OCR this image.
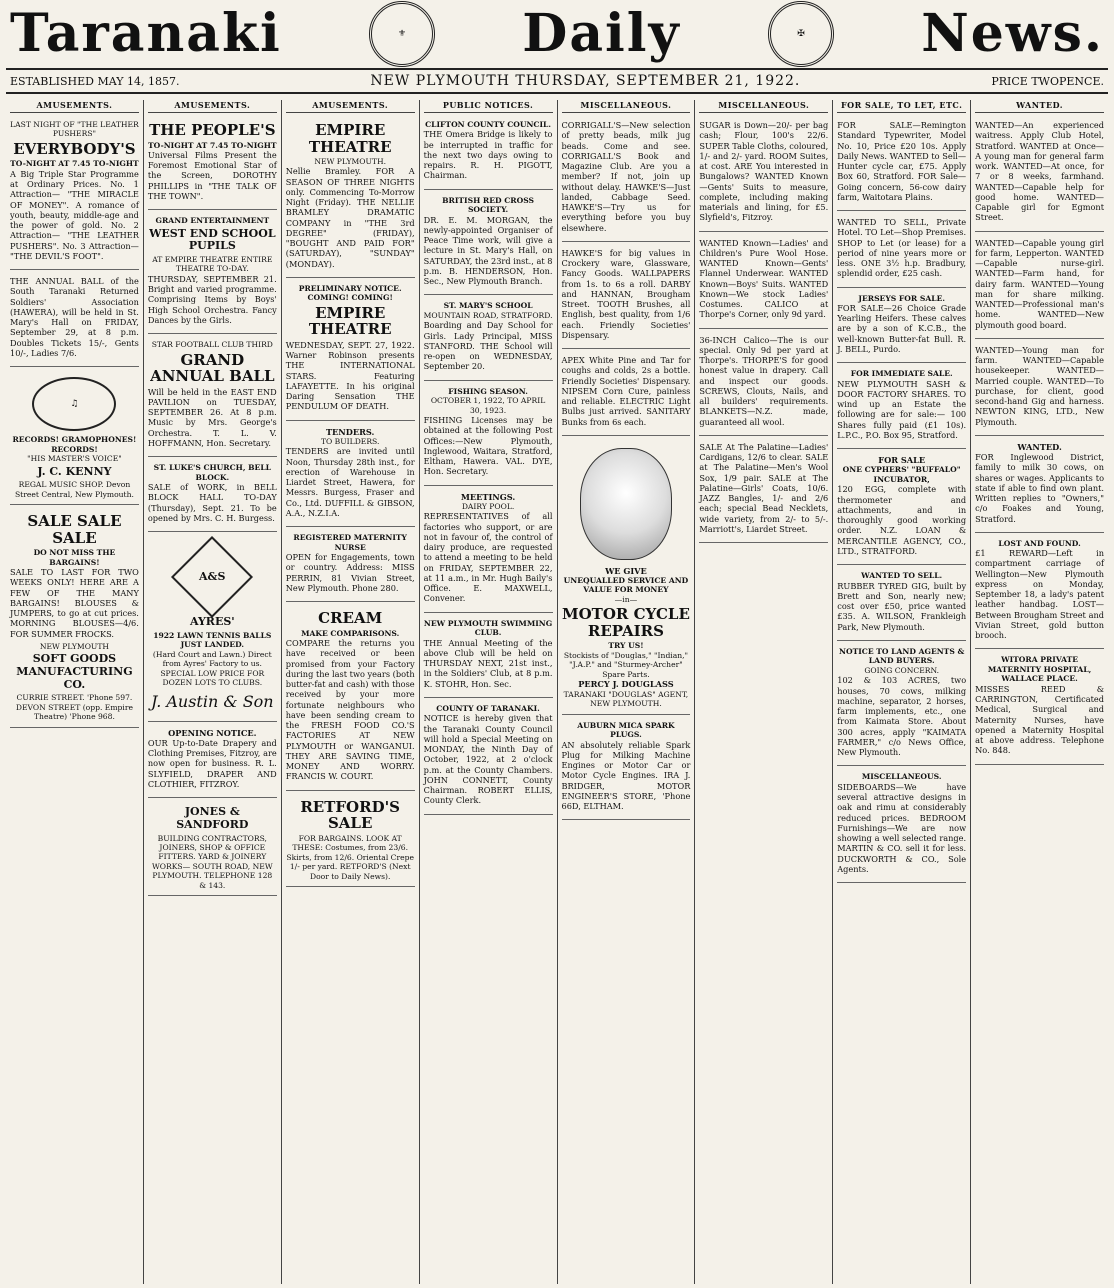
Taranaki	⚜	Daily	✠	News.
ESTABLISHED MAY 14, 1857.	NEW PLYMOUTH THURSDAY, SEPTEMBER 21, 1922.	PRICE TWOPENCE.
AMUSEMENTS.
LAST NIGHT OF "THE LEATHER PUSHERS"
EVERYBODY'S
TO-NIGHT AT 7.45 TO-NIGHT
A Big Triple Star Programme at Ordinary Prices. No. 1 Attraction— "THE MIRACLE OF MONEY". A romance of youth, beauty, middle-age and the power of gold. No. 2 Attraction— "THE LEATHER PUSHERS". No. 3 Attraction— "THE DEVIL'S FOOT".
THE ANNUAL BALL of the South Taranaki Returned Soldiers' Association (HAWERA), will be held in St. Mary's Hall on FRIDAY, September 29, at 8 p.m. Doubles Tickets 15/-, Gents 10/-, Ladies 7/6.
♫
RECORDS! GRAMOPHONES! RECORDS!
"HIS MASTER'S VOICE"
J. C. KENNY
REGAL MUSIC SHOP. Devon Street Central, New Plymouth.
SALE SALE SALE
DO NOT MISS THE BARGAINS!
SALE TO LAST FOR TWO WEEKS ONLY! HERE ARE A FEW OF THE MANY BARGAINS! BLOUSES & JUMPERS, to go at cut prices. MORNING BLOUSES—4/6. FOR SUMMER FROCKS.
NEW PLYMOUTH
SOFT GOODS MANUFACTURING CO.
CURRIE STREET. 'Phone 597. DEVON STREET (opp. Empire Theatre) 'Phone 968.
AMUSEMENTS.
THE PEOPLE'S
TO-NIGHT AT 7.45 TO-NIGHT
Universal Films Present the Foremost Emotional Star of the Screen, DOROTHY PHILLIPS in "THE TALK OF THE TOWN".
GRAND ENTERTAINMENT
WEST END SCHOOL PUPILS
AT EMPIRE THEATRE ENTIRE THEATRE TO-DAY.
THURSDAY, SEPTEMBER 21. Bright and varied programme. Comprising Items by Boys' High School Orchestra. Fancy Dances by the Girls.
STAR FOOTBALL CLUB THIRD
GRAND ANNUAL BALL
Will be held in the EAST END PAVILION on TUESDAY, SEPTEMBER 26. At 8 p.m. Music by Mrs. George's Orchestra. T. L. V. HOFFMANN, Hon. Secretary.
ST. LUKE'S CHURCH, BELL BLOCK.
SALE of WORK, in BELL BLOCK HALL TO-DAY (Thursday), Sept. 21. To be opened by Mrs. C. H. Burgess.
A&S
AYRES'
1922 LAWN TENNIS BALLS JUST LANDED.
(Hard Court and Lawn.) Direct from Ayres' Factory to us. SPECIAL LOW PRICE FOR DOZEN LOTS TO CLUBS.
J. Austin & Son
OPENING NOTICE.
OUR Up-to-Date Drapery and Clothing Premises, Fitzroy, are now open for business. R. L. SLYFIELD, DRAPER AND CLOTHIER, FITZROY.
JONES & SANDFORD
BUILDING CONTRACTORS, JOINERS, SHOP & OFFICE FITTERS. YARD & JOINERY WORKS— SOUTH ROAD, NEW PLYMOUTH. TELEPHONE 128 & 143.
AMUSEMENTS.
EMPIRE THEATRE
NEW PLYMOUTH.
Nellie Bramley. FOR A SEASON OF THREE NIGHTS only. Commencing To-Morrow Night (Friday). THE NELLIE BRAMLEY DRAMATIC COMPANY in "THE 3rd DEGREE" (FRIDAY), "BOUGHT AND PAID FOR" (SATURDAY), "SUNDAY" (MONDAY).
PRELIMINARY NOTICE. COMING! COMING!
EMPIRE THEATRE
WEDNESDAY, SEPT. 27, 1922. Warner Robinson presents THE INTERNATIONAL STARS. Featuring LAFAYETTE. In his original Daring Sensation THE PENDULUM OF DEATH.
TENDERS.
TO BUILDERS.
TENDERS are invited until Noon, Thursday 28th inst., for erection of Warehouse in Liardet Street, Hawera, for Messrs. Burgess, Fraser and Co., Ltd. DUFFILL & GIBSON, A.A., N.Z.I.A.
REGISTERED MATERNITY NURSE
OPEN for Engagements, town or country. Address: MISS PERRIN, 81 Vivian Street, New Plymouth. Phone 280.
CREAM
MAKE COMPARISONS.
COMPARE the returns you have received or been promised from your Factory during the last two years (both butter-fat and cash) with those received by your more fortunate neighbours who have been sending cream to the FRESH FOOD CO.'S FACTORIES AT NEW PLYMOUTH or WANGANUI. THEY ARE SAVING TIME, MONEY AND WORRY. FRANCIS W. COURT.
RETFORD'S SALE
FOR BARGAINS. LOOK AT THESE: Costumes, from 23/6. Skirts, from 12/6. Oriental Crepe 1/- per yard. RETFORD'S (Next Door to Daily News).
PUBLIC NOTICES.
CLIFTON COUNTY COUNCIL.
THE Omera Bridge is likely to be interrupted in traffic for the next two days owing to repairs. R. H. PIGOTT, Chairman.
BRITISH RED CROSS SOCIETY.
DR. E. M. MORGAN, the newly-appointed Organiser of Peace Time work, will give a lecture in St. Mary's Hall, on SATURDAY, the 23rd inst., at 8 p.m. B. HENDERSON, Hon. Sec., New Plymouth Branch.
ST. MARY'S SCHOOL
MOUNTAIN ROAD, STRATFORD.
Boarding and Day School for Girls. Lady Principal, MISS STANFORD. THE School will re-open on WEDNESDAY, September 20.
FISHING SEASON.
OCTOBER 1, 1922, TO APRIL 30, 1923.
FISHING Licenses may be obtained at the following Post Offices:—New Plymouth, Inglewood, Waitara, Stratford, Eltham, Hawera. VAL. DYE, Hon. Secretary.
MEETINGS.
DAIRY POOL.
REPRESENTATIVES of all factories who support, or are not in favour of, the control of dairy produce, are requested to attend a meeting to be held on FRIDAY, SEPTEMBER 22, at 11 a.m., in Mr. Hugh Baily's Office. E. MAXWELL, Convener.
NEW PLYMOUTH SWIMMING CLUB.
THE Annual Meeting of the above Club will be held on THURSDAY NEXT, 21st inst., in the Soldiers' Club, at 8 p.m. K. STOHR, Hon. Sec.
COUNTY OF TARANAKI.
NOTICE is hereby given that the Taranaki County Council will hold a Special Meeting on MONDAY, the Ninth Day of October, 1922, at 2 o'clock p.m. at the County Chambers. JOHN CONNETT, County Chairman. ROBERT ELLIS, County Clerk.
MISCELLANEOUS.
CORRIGALL'S—New selection of pretty beads, milk jug beads. Come and see. CORRIGALL'S Book and Magazine Club. Are you a member? If not, join up without delay. HAWKE'S—Just landed, Cabbage Seed. HAWKE'S—Try us for everything before you buy elsewhere.
HAWKE'S for big values in Crockery ware, Glassware, Fancy Goods. WALLPAPERS from 1s. to 6s a roll. DARBY and HANNAN, Brougham Street. TOOTH Brushes, all English, best quality, from 1/6 each. Friendly Societies' Dispensary.
APEX White Pine and Tar for coughs and colds, 2s a bottle. Friendly Societies' Dispensary. NIPSEM Corn Cure, painless and reliable. ELECTRIC Light Bulbs just arrived. SANITARY Bunks from 6s each.
WE GIVE
UNEQUALLED SERVICE AND VALUE FOR MONEY
—in—
MOTOR CYCLE REPAIRS
TRY US!
Stockists of "Douglas," "Indian," "J.A.P." and "Sturmey-Archer" Spare Parts.
PERCY J. DOUGLASS
TARANAKI "DOUGLAS" AGENT, NEW PLYMOUTH.
AUBURN MICA SPARK PLUGS.
AN absolutely reliable Spark Plug for Milking Machine Engines or Motor Car or Motor Cycle Engines. IRA J. BRIDGER, MOTOR ENGINEER'S STORE, 'Phone 66D, ELTHAM.
MISCELLANEOUS.
SUGAR is Down—20/- per bag cash; Flour, 100's 22/6. SUPER Table Cloths, coloured, 1/- and 2/- yard. ROOM Suites, at cost. ARE You interested in Bungalows? WANTED Known—Gents' Suits to measure, complete, including making materials and lining, for £5. Slyfield's, Fitzroy.
WANTED Known—Ladies' and Children's Pure Wool Hose. WANTED Known—Gents' Flannel Underwear. WANTED Known—Boys' Suits. WANTED Known—We stock Ladies' Costumes. CALICO at Thorpe's Corner, only 9d yard.
36-INCH Calico—The is our special. Only 9d per yard at Thorpe's. THORPE'S for good honest value in drapery. Call and inspect our goods. SCREWS, Clouts, Nails, and all builders' requirements. BLANKETS—N.Z. made, guaranteed all wool.
SALE At The Palatine—Ladies' Cardigans, 12/6 to clear. SALE at The Palatine—Men's Wool Sox, 1/9 pair. SALE at The Palatine—Girls' Coats, 10/6. JAZZ Bangles, 1/- and 2/6 each; special Bead Necklets, wide variety, from 2/- to 5/-. Marriott's, Liardet Street.
FOR SALE, TO LET, ETC.
FOR SALE—Remington Standard Typewriter, Model No. 10, Price £20 10s. Apply Daily News. WANTED to Sell—Hunter cycle car, £75. Apply Box 60, Stratford. FOR Sale—Going concern, 56-cow dairy farm, Waitotara Plains.
WANTED TO SELL, Private Hotel. TO Let—Shop Premises. SHOP to Let (or lease) for a period of nine years more or less. ONE 3½ h.p. Bradbury, splendid order, £25 cash.
JERSEYS FOR SALE.
FOR SALE—26 Choice Grade Yearling Heifers. These calves are by a son of K.C.B., the well-known Butter-fat Bull. R. J. BELL, Purdo.
FOR IMMEDIATE SALE.
NEW PLYMOUTH SASH & DOOR FACTORY SHARES. TO wind up an Estate the following are for sale:— 100 Shares fully paid (£1 10s). L.P.C., P.O. Box 95, Stratford.
FOR SALE
ONE CYPHERS' "BUFFALO" INCUBATOR,
120 EGG, complete with thermometer and attachments, and in thoroughly good working order. N.Z. LOAN & MERCANTILE AGENCY, CO., LTD., STRATFORD.
WANTED TO SELL.
RUBBER TYRED GIG, built by Brett and Son, nearly new; cost over £50, price wanted £35. A. WILSON, Frankleigh Park, New Plymouth.
NOTICE TO LAND AGENTS & LAND BUYERS.
GOING CONCERN.
102 & 103 ACRES, two houses, 70 cows, milking machine, separator, 2 horses, farm implements, etc., one from Kaimata Store. About 300 acres, apply "KAIMATA FARMER," c/o News Office, New Plymouth.
MISCELLANEOUS.
SIDEBOARDS—We have several attractive designs in oak and rimu at considerably reduced prices. BEDROOM Furnishings—We are now showing a well selected range. MARTIN & CO. sell it for less. DUCKWORTH & CO., Sole Agents.
WANTED.
WANTED—An experienced waitress. Apply Club Hotel, Stratford. WANTED at Once—A young man for general farm work. WANTED—At once, for 7 or 8 weeks, farmhand. WANTED—Capable help for good home. WANTED—Capable girl for Egmont Street.
WANTED—Capable young girl for farm, Lepperton. WANTED—Capable nurse-girl. WANTED—Farm hand, for dairy farm. WANTED—Young man for share milking. WANTED—Professional man's home. WANTED—New plymouth good board.
WANTED—Young man for farm. WANTED—Capable housekeeper. WANTED—Married couple. WANTED—To purchase, for client, good second-hand Gig and harness. NEWTON KING, LTD., New Plymouth.
WANTED.
FOR Inglewood District, family to milk 30 cows, on shares or wages. Applicants to state if able to find own plant. Written replies to "Owners," c/o Foakes and Young, Stratford.
LOST AND FOUND.
£1 REWARD—Left in compartment carriage of Wellington—New Plymouth express on Monday, September 18, a lady's patent leather handbag. LOST—Between Brougham Street and Vivian Street, gold button brooch.
WITORA PRIVATE MATERNITY HOSPITAL, WALLACE PLACE.
MISSES REED & CARRINGTON, Certificated Medical, Surgical and Maternity Nurses, have opened a Maternity Hospital at above address. Telephone No. 848.
